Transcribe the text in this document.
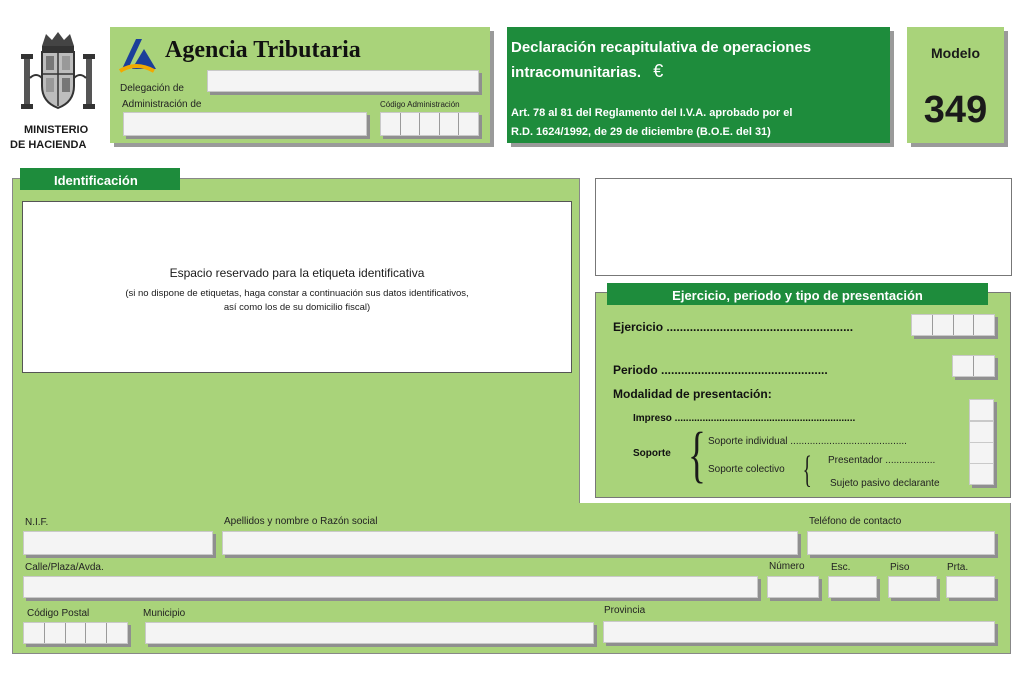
MINISTERIO
DE HACIENDA
Agencia Tributaria
Delegación de
Administración de	Código Administración
Declaración recapitulativa de operaciones
intracomunitarias. €
Art. 78 al 81 del Reglamento del I.V.A. aprobado por el
R.D. 1624/1992, de 29 de diciembre (B.O.E. del 31)
Modelo
349
Identificación
Espacio reservado para la etiqueta identificativa
(si no dispone de etiquetas, haga constar a continuación sus datos identificativos,
así como los de su domicilio fiscal)
Ejercicio, periodo y tipo de presentación
Ejercicio ........................................................
Periodo ..................................................
Modalidad de presentación:
Impreso .................................................................
Soporte { Soporte individual ..........................................
Soporte colectivo { Presentador ..................
Sujeto pasivo declarante
N.I.F.	Apellidos y nombre o Razón social	Teléfono de contacto
Calle/Plaza/Avda.	Número	Esc.	Piso	Prta.
Código Postal	Municipio	Provincia
